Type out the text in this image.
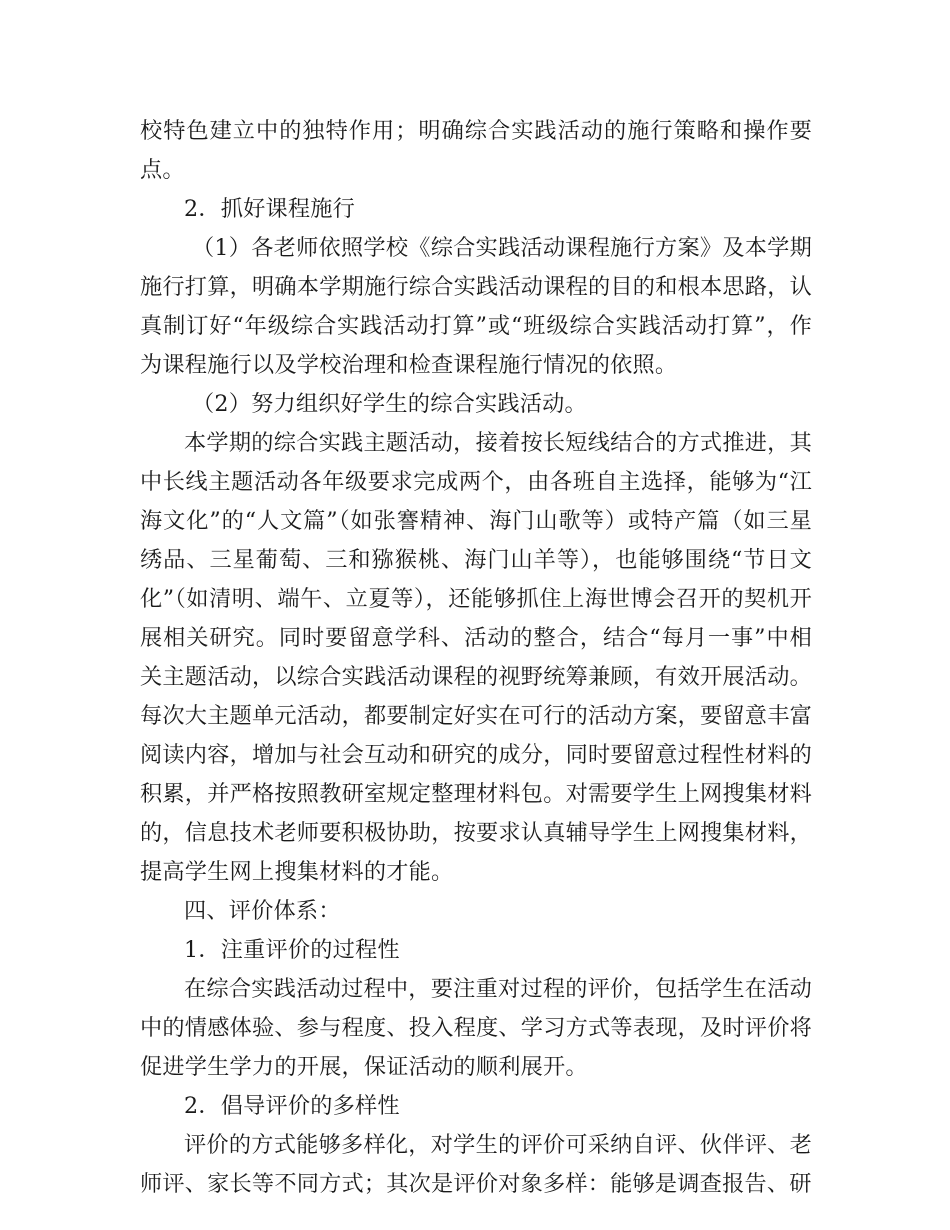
校特色建立中的独特作用；明确综合实践活动的施行策略和操作要点。

2．抓好课程施行

（1）各老师依照学校《综合实践活动课程施行方案》及本学期施行打算，明确本学期施行综合实践活动课程的目的和根本思路，认真制订好“年级综合实践活动打算”或“班级综合实践活动打算”，作为课程施行以及学校治理和检查课程施行情况的依照。

（2）努力组织好学生的综合实践活动。

本学期的综合实践主题活动，接着按长短线结合的方式推进，其中长线主题活动各年级要求完成两个，由各班自主选择，能够为“江海文化”的“人文篇”（如张謇精神、海门山歌等）或特产篇（如三星绣品、三星葡萄、三和猕猴桃、海门山羊等），也能够围绕“节日文化”（如清明、端午、立夏等），还能够抓住上海世博会召开的契机开展相关研究。同时要留意学科、活动的整合，结合“每月一事”中相关主题活动，以综合实践活动课程的视野统筹兼顾，有效开展活动。每次大主题单元活动，都要制定好实在可行的活动方案，要留意丰富阅读内容，增加与社会互动和研究的成分，同时要留意过程性材料的积累，并严格按照教研室规定整理材料包。对需要学生上网搜集材料的，信息技术老师要积极协助，按要求认真辅导学生上网搜集材料，提高学生网上搜集材料的才能。

四、评价体系：

1．注重评价的过程性

在综合实践活动过程中，要注重对过程的评价，包括学生在活动中的情感体验、参与程度、投入程度、学习方式等表现，及时评价将促进学生学力的开展，保证活动的顺利展开。

2．倡导评价的多样性

评价的方式能够多样化，对学生的评价可采纳自评、伙伴评、老师评、家长等不同方式；其次是评价对象多样：能够是调查报告、研
